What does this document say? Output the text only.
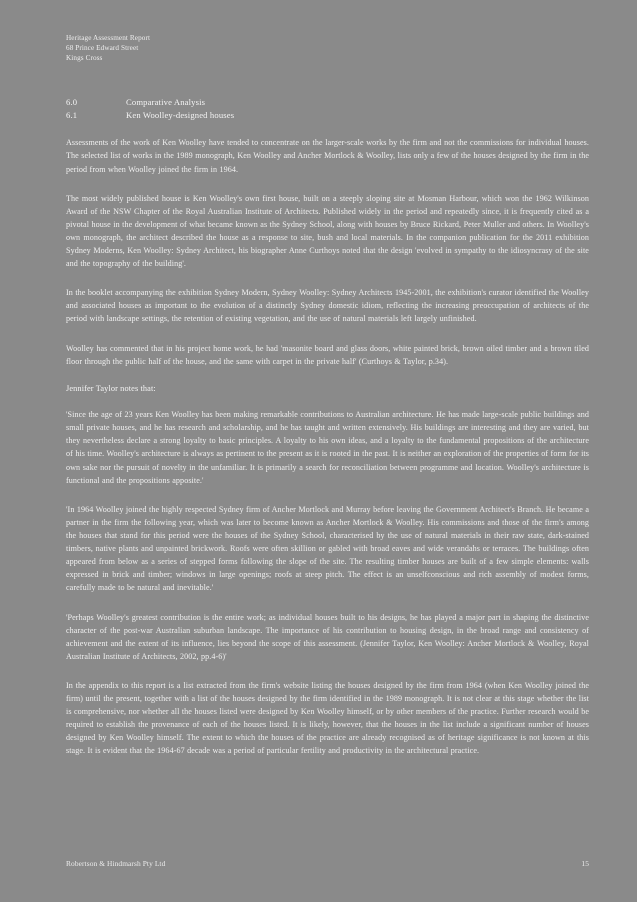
Heritage Assessment Report
68 Prince Edward Street
Kings Cross
6.0	Comparative Analysis
6.1	Ken Woolley-designed houses

Assessments of the work of Ken Woolley have tended to concentrate on the larger-scale works by the firm and not the commissions for individual houses. The selected list of works in the 1989 monograph, Ken Woolley and Ancher Mortlock & Woolley, lists only a few of the houses designed by the firm in the period from when Woolley joined the firm in 1964.

The most widely published house is Ken Woolley's own first house, built on a steeply sloping site at Mosman Harbour, which won the 1962 Wilkinson Award of the NSW Chapter of the Royal Australian Institute of Architects. Published widely in the period and repeatedly since, it is frequently cited as a pivotal house in the development of what became known as the Sydney School, along with houses by Bruce Rickard, Peter Muller and others. In Woolley's own monograph, the architect described the house as a response to site, bush and local materials. In the companion publication for the 2011 exhibition Sydney Moderns, Ken Woolley: Sydney Architect, his biographer Anne Curthoys noted that the design 'evolved in sympathy to the idiosyncrasy of the site and the topography of the building'.

In the booklet accompanying the exhibition Sydney Modern, Sydney Woolley: Sydney Architects 1945-2001, the exhibition's curator identified the Woolley and associated houses as important to the evolution of a distinctly Sydney domestic idiom, reflecting the increasing preoccupation of architects of the period with landscape settings, the retention of existing vegetation, and the use of natural materials left largely unfinished.

Woolley has commented that in his project home work, he had 'masonite board and glass doors, white painted brick, brown oiled timber and a brown tiled floor through the public half of the house, and the same with carpet in the private half' (Curthoys & Taylor, p.34).

Jennifer Taylor notes that:

'Since the age of 23 years Ken Woolley has been making remarkable contributions to Australian architecture. He has made large-scale public buildings and small private houses, and he has research and scholarship, and he has taught and written extensively. His buildings are interesting and they are varied, but they nevertheless declare a strong loyalty to basic principles. A loyalty to his own ideas, and a loyalty to the fundamental propositions of the architecture of his time. Woolley's architecture is always as pertinent to the present as it is rooted in the past. It is neither an exploration of the properties of form for its own sake nor the pursuit of novelty in the unfamiliar. It is primarily a search for reconciliation between programme and location. Woolley's architecture is functional and the propositions apposite.'

'In 1964 Woolley joined the highly respected Sydney firm of Ancher Mortlock and Murray before leaving the Government Architect's Branch. He became a partner in the firm the following year, which was later to become known as Ancher Mortlock & Woolley. His commissions and those of the firm's among the houses that stand for this period were the houses of the Sydney School, characterised by the use of natural materials in their raw state, dark-stained timbers, native plants and unpainted brickwork. Roofs were often skillion or gabled with broad eaves and wide verandahs or terraces. The buildings often appeared from below as a series of stepped forms following the slope of the site. The resulting timber houses are built of a few simple elements: walls expressed in brick and timber; windows in large openings; roofs at steep pitch. The effect is an unselfconscious and rich assembly of modest forms, carefully made to be natural and inevitable.'

'Perhaps Woolley's greatest contribution is the entire work; as individual houses built to his designs, he has played a major part in shaping the distinctive character of the post-war Australian suburban landscape. The importance of his contribution to housing design, in the broad range and consistency of achievement and the extent of its influence, lies beyond the scope of this assessment. (Jennifer Taylor, Ken Woolley: Ancher Mortlock & Woolley, Royal Australian Institute of Architects, 2002, pp.4-6)'

In the appendix to this report is a list extracted from the firm's website listing the houses designed by the firm from 1964 (when Ken Woolley joined the firm) until the present, together with a list of the houses designed by the firm identified in the 1989 monograph. It is not clear at this stage whether the list is comprehensive, nor whether all the houses listed were designed by Ken Woolley himself, or by other members of the practice. Further research would be required to establish the provenance of each of the houses listed. It is likely, however, that the houses in the list include a significant number of houses designed by Ken Woolley himself. The extent to which the houses of the practice are already recognised as of heritage significance is not known at this stage. It is evident that the 1964-67 decade was a period of particular fertility and productivity in the architectural practice.

Robertson & Hindmarsh Pty Ltd	15
